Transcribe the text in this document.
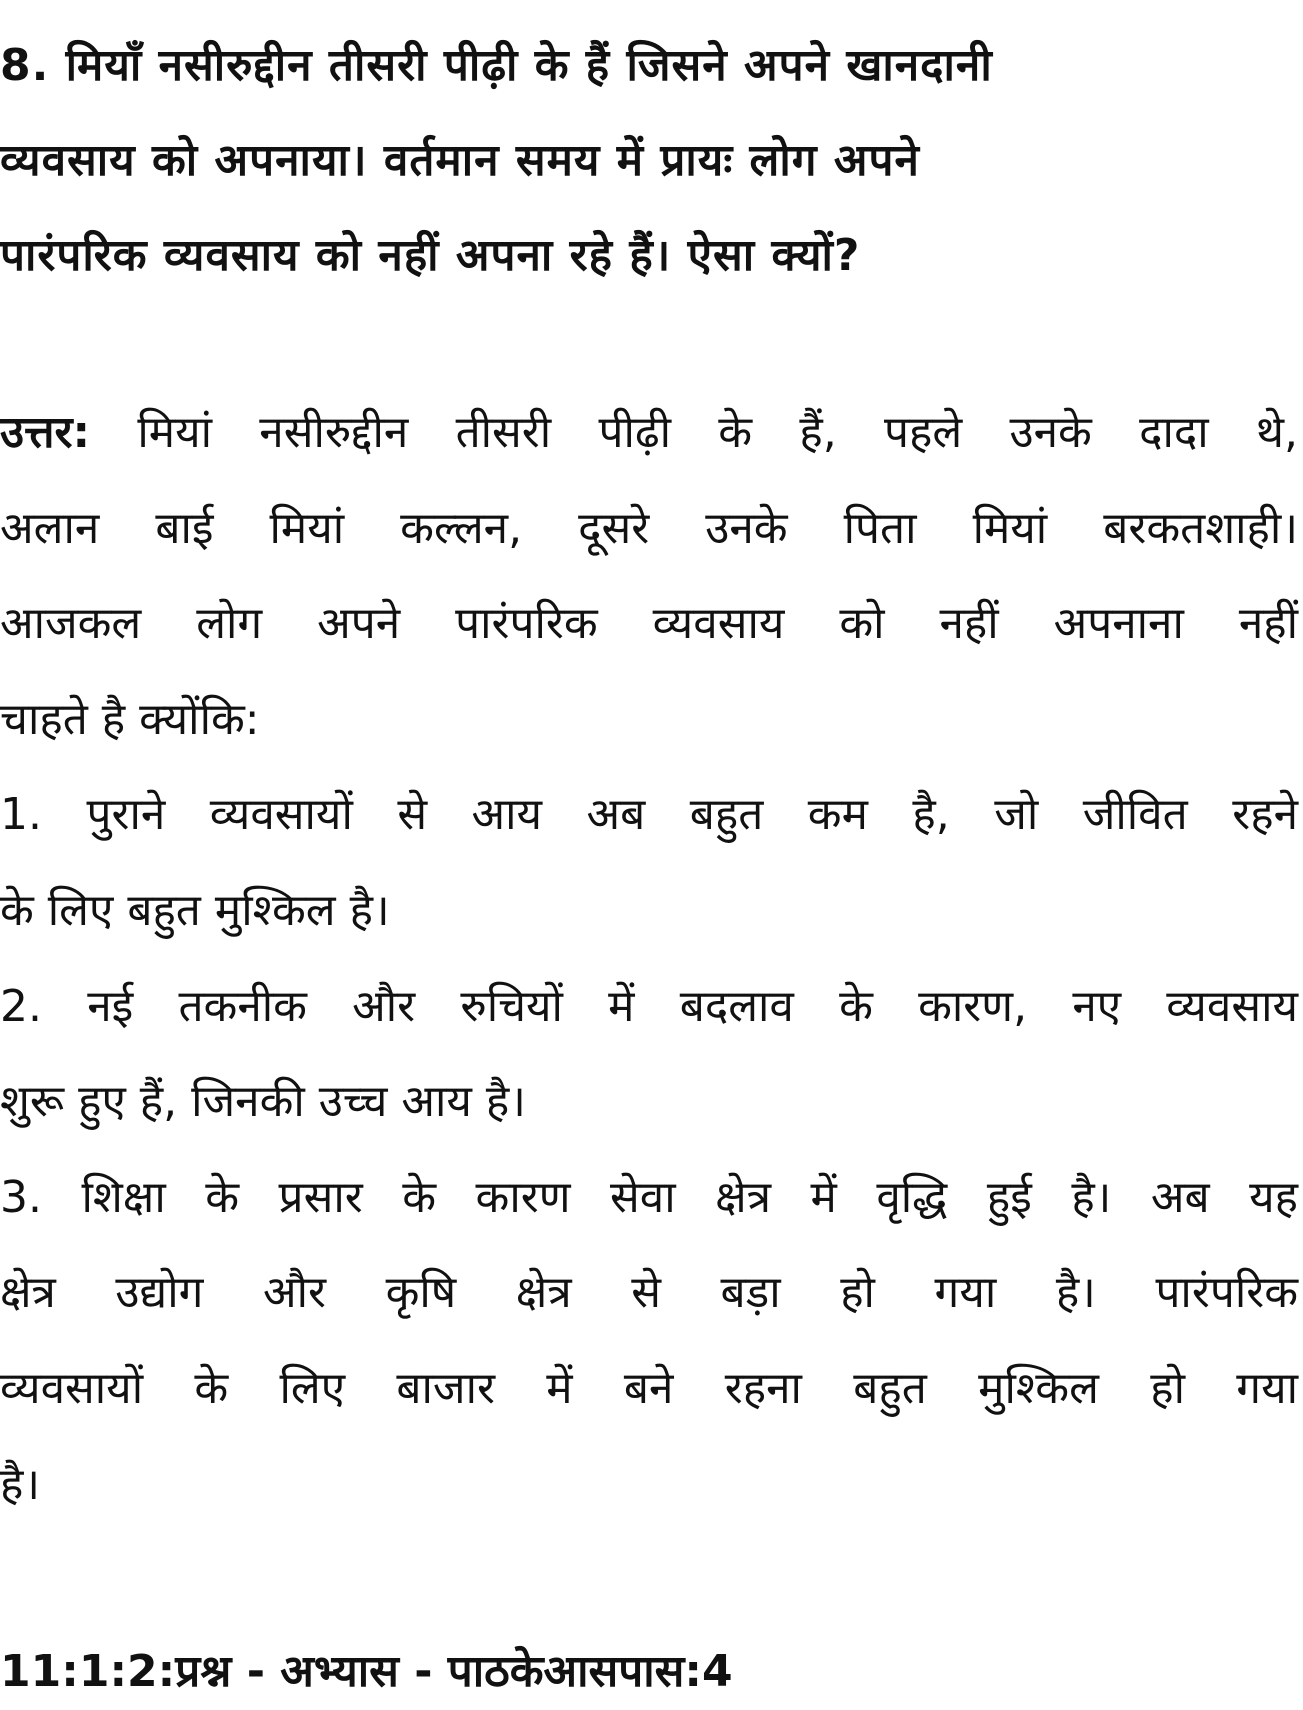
8. मियाँ नसीरुद्दीन तीसरी पीढ़ी के हैं जिसने अपने खानदानी
व्यवसाय को अपनाया। वर्तमान समय में प्रायः लोग अपने
पारंपरिक व्यवसाय को नहीं अपना रहे हैं। ऐसा क्यों?
उत्तर: मियां नसीरुद्दीन तीसरी पीढ़ी के हैं, पहले उनके दादा थे,
अलान बाई मियां कल्लन, दूसरे उनके पिता मियां बरकतशाही।
आजकल लोग अपने पारंपरिक व्यवसाय को नहीं अपनाना नहीं
चाहते है क्योंकि:
1. पुराने व्यवसायों से आय अब बहुत कम है, जो जीवित रहने
के लिए बहुत मुश्किल है।
2. नई तकनीक और रुचियों में बदलाव के कारण, नए व्यवसाय
शुरू हुए हैं, जिनकी उच्च आय है।
3. शिक्षा के प्रसार के कारण सेवा क्षेत्र में वृद्धि हुई है। अब यह
क्षेत्र उद्योग और कृषि क्षेत्र से बड़ा हो गया है। पारंपरिक
व्यवसायों के लिए बाजार में बने रहना बहुत मुश्किल हो गया
है।
11:1:2:प्रश्न - अभ्यास - पाठकेआसपास:4
